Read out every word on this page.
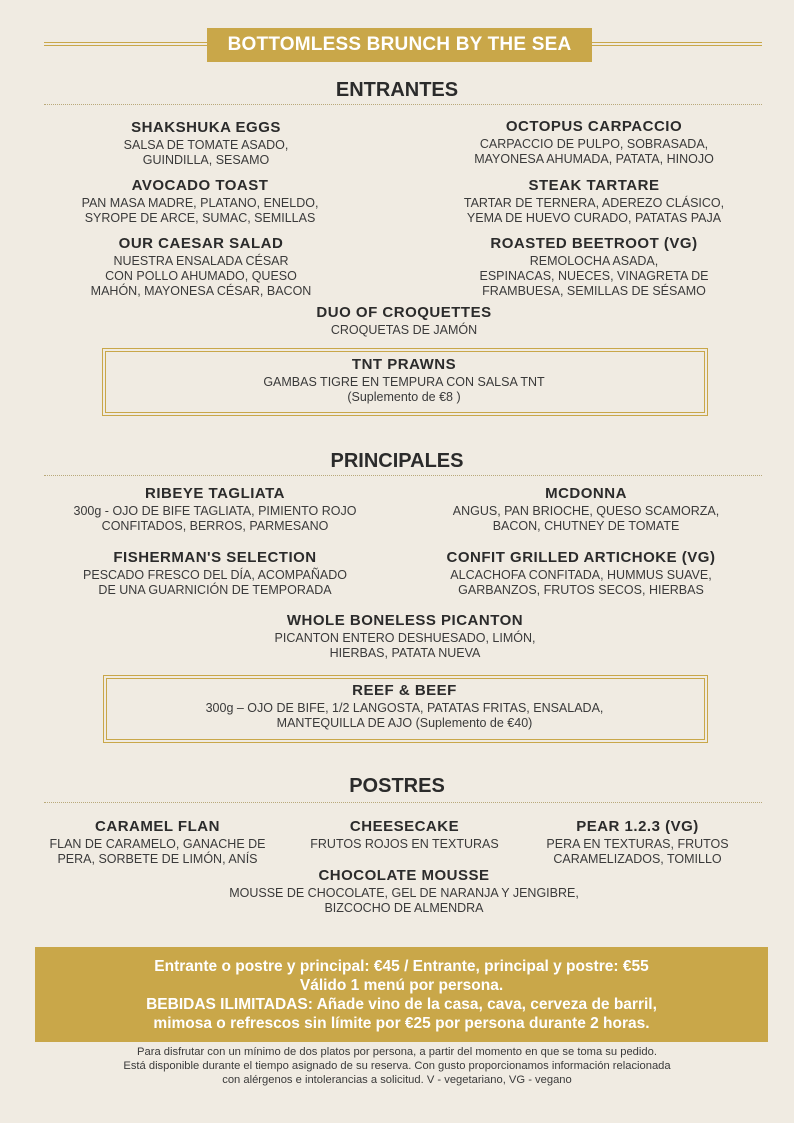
BOTTOMLESS BRUNCH BY THE SEA
ENTRANTES
SHAKSHUKA EGGS
SALSA DE TOMATE ASADO,
GUINDILLA, SESAMO
OCTOPUS CARPACCIO
CARPACCIO DE PULPO, SOBRASADA,
MAYONESA AHUMADA, PATATA, HINOJO
AVOCADO TOAST
PAN MASA MADRE, PLATANO, ENELDO,
SYROPE DE ARCE, SUMAC, SEMILLAS
STEAK TARTARE
TARTAR DE TERNERA, ADEREZO CLÁSICO,
YEMA DE HUEVO CURADO, PATATAS PAJA
OUR CAESAR SALAD
NUESTRA ENSALADA CÉSAR
CON POLLO AHUMADO, QUESO
MAHÓN, MAYONESA CÉSAR, BACON
ROASTED BEETROOT (VG)
REMOLOCHA ASADA,
ESPINACAS, NUECES, VINAGRETA DE
FRAMBUESA, SEMILLAS DE SÉSAMO
DUO OF CROQUETTES
CROQUETAS DE JAMÓN
TNT PRAWNS
GAMBAS TIGRE EN TEMPURA CON SALSA TNT
(Suplemento de €8 )
PRINCIPALES
RIBEYE TAGLIATA
300g - OJO DE BIFE TAGLIATA, PIMIENTO ROJO
CONFITADOS, BERROS, PARMESANO
MCDONNA
ANGUS, PAN BRIOCHE, QUESO SCAMORZA,
BACON, CHUTNEY DE TOMATE
FISHERMAN'S SELECTION
PESCADO FRESCO DEL DÍA, ACOMPAÑADO
DE UNA GUARNICIÓN DE TEMPORADA
CONFIT GRILLED ARTICHOKE (VG)
ALCACHOFA CONFITADA, HUMMUS SUAVE,
GARBANZOS, FRUTOS SECOS, HIERBAS
WHOLE BONELESS PICANTON
PICANTON ENTERO DESHUESADO, LIMÓN,
HIERBAS, PATATA NUEVA
REEF & BEEF
300g – OJO DE BIFE, 1/2 LANGOSTA, PATATAS FRITAS, ENSALADA,
MANTEQUILLA DE AJO (Suplemento de €40)
POSTRES
CARAMEL FLAN
FLAN DE CARAMELO, GANACHE DE
PERA, SORBETE DE LIMÓN, ANÍS
CHEESECAKE
FRUTOS ROJOS EN TEXTURAS
PEAR 1.2.3 (VG)
PERA EN TEXTURAS, FRUTOS
CARAMELIZADOS, TOMILLO
CHOCOLATE MOUSSE
MOUSSE DE CHOCOLATE, GEL DE NARANJA Y JENGIBRE,
BIZCOCHO DE ALMENDRA
Entrante o postre y principal: €45 / Entrante, principal y postre: €55
Válido 1 menú por persona.
BEBIDAS ILIMITADAS: Añade vino de la casa, cava, cerveza de barril,
mimosa o refrescos sin límite por €25 por persona durante 2 horas.
Para disfrutar con un mínimo de dos platos por persona, a partir del momento en que se toma su pedido.
Está disponible durante el tiempo asignado de su reserva. Con gusto proporcionamos información relacionada
con alérgenos e intolerancias a solicitud. V - vegetariano, VG - vegano
